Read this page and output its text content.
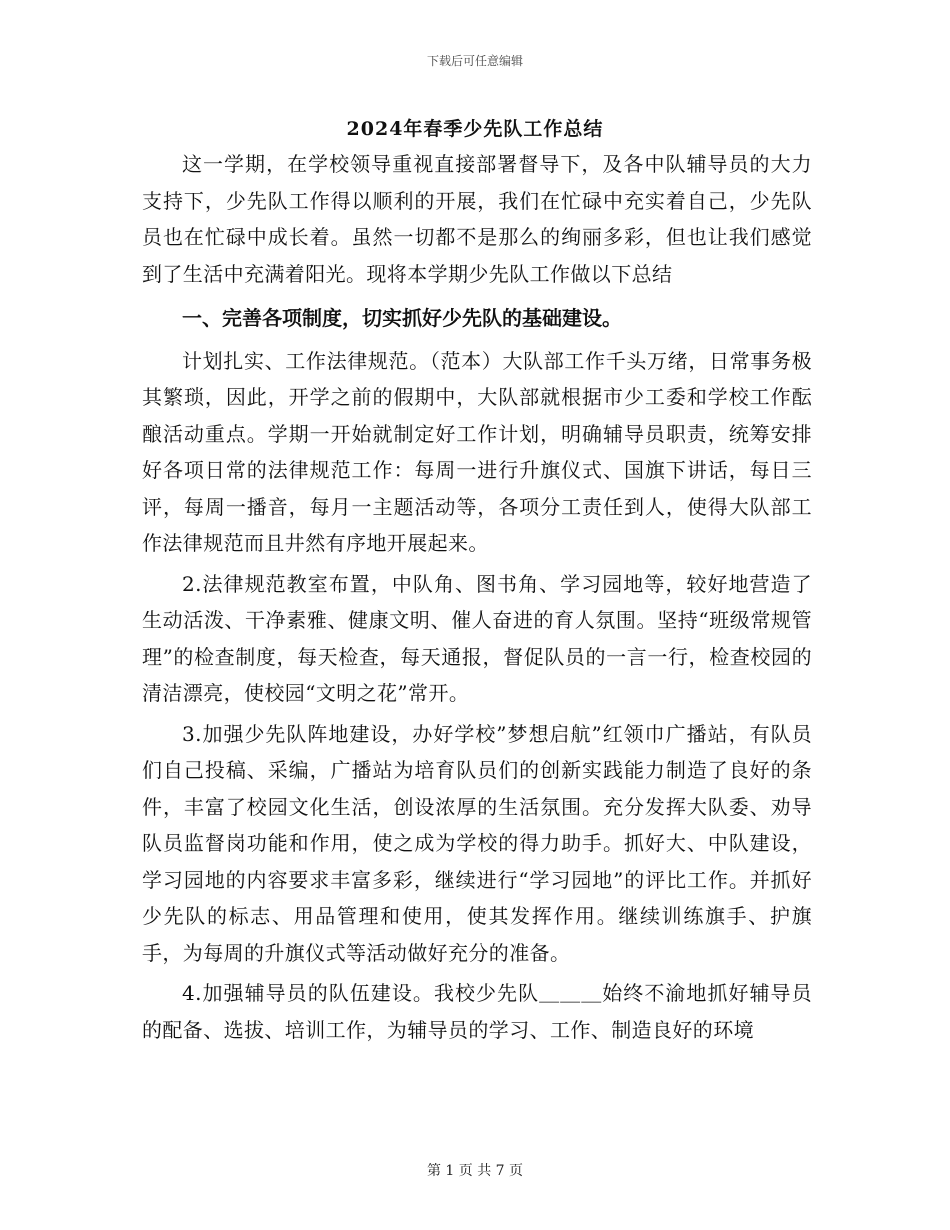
下载后可任意编辑
2024年春季少先队工作总结

这一学期，在学校领导重视直接部署督导下，及各中队辅导员的大力支持下，少先队工作得以顺利的开展，我们在忙碌中充实着自己，少先队员也在忙碌中成长着。虽然一切都不是那么的绚丽多彩，但也让我们感觉到了生活中充满着阳光。现将本学期少先队工作做以下总结

一、完善各项制度，切实抓好少先队的基础建设。

计划扎实、工作法律规范。（范本）大队部工作千头万绪，日常事务极其繁琐，因此，开学之前的假期中，大队部就根据市少工委和学校工作酝酿活动重点。学期一开始就制定好工作计划，明确辅导员职责，统筹安排好各项日常的法律规范工作：每周一进行升旗仪式、国旗下讲话，每日三评，每周一播音，每月一主题活动等，各项分工责任到人，使得大队部工作法律规范而且井然有序地开展起来。

2.法律规范教室布置，中队角、图书角、学习园地等，较好地营造了生动活泼、干净素雅、健康文明、催人奋进的育人氛围。坚持“班级常规管理”的检查制度，每天检查，每天通报，督促队员的一言一行，检查校园的清洁漂亮，使校园“文明之花”常开。

3.加强少先队阵地建设，办好学校”梦想启航”红领巾广播站，有队员们自己投稿、采编，广播站为培育队员们的创新实践能力制造了良好的条件，丰富了校园文化生活，创设浓厚的生活氛围。充分发挥大队委、劝导队员监督岗功能和作用，使之成为学校的得力助手。抓好大、中队建设，学习园地的内容要求丰富多彩，继续进行“学习园地”的评比工作。并抓好少先队的标志、用品管理和使用，使其发挥作用。继续训练旗手、护旗手，为每周的升旗仪式等活动做好充分的准备。

4.加强辅导员的队伍建设。我校少先队＿＿＿始终不渝地抓好辅导员的配备、选拔、培训工作，为辅导员的学习、工作、制造良好的环境

第 1 页 共 7 页
